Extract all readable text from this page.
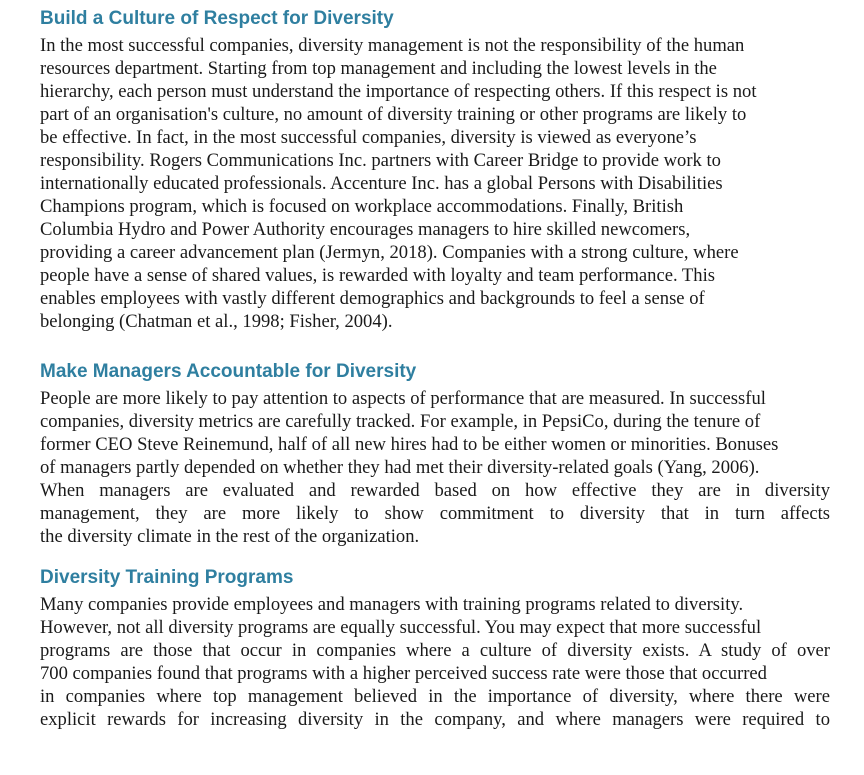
Build a Culture of Respect for Diversity
In the most successful companies, diversity management is not the responsibility of the human
resources department. Starting from top management and including the lowest levels in the
hierarchy, each person must understand the importance of respecting others. If this respect is not
part of an organisation's culture, no amount of diversity training or other programs are likely to
be effective. In fact, in the most successful companies, diversity is viewed as everyone’s
responsibility. Rogers Communications Inc. partners with Career Bridge to provide work to
internationally educated professionals. Accenture Inc. has a global Persons with Disabilities
Champions program, which is focused on workplace accommodations. Finally, British
Columbia Hydro and Power Authority encourages managers to hire skilled newcomers,
providing a career advancement plan (Jermyn, 2018). Companies with a strong culture, where
people have a sense of shared values, is rewarded with loyalty and team performance. This
enables employees with vastly different demographics and backgrounds to feel a sense of
belonging (Chatman et al., 1998; Fisher, 2004).
Make Managers Accountable for Diversity
People are more likely to pay attention to aspects of performance that are measured. In successful
companies, diversity metrics are carefully tracked. For example, in PepsiCo, during the tenure of
former CEO Steve Reinemund, half of all new hires had to be either women or minorities. Bonuses
of managers partly depended on whether they had met their diversity-related goals (Yang, 2006).
When managers are evaluated and rewarded based on how effective they are in diversity
management, they are more likely to show commitment to diversity that in turn affects
the diversity climate in the rest of the organization.
Diversity Training Programs
Many companies provide employees and managers with training programs related to diversity.
However, not all diversity programs are equally successful. You may expect that more successful
programs are those that occur in companies where a culture of diversity exists. A study of over
700 companies found that programs with a higher perceived success rate were those that occurred
in companies where top management believed in the importance of diversity, where there were
explicit rewards for increasing diversity in the company, and where managers were required to
